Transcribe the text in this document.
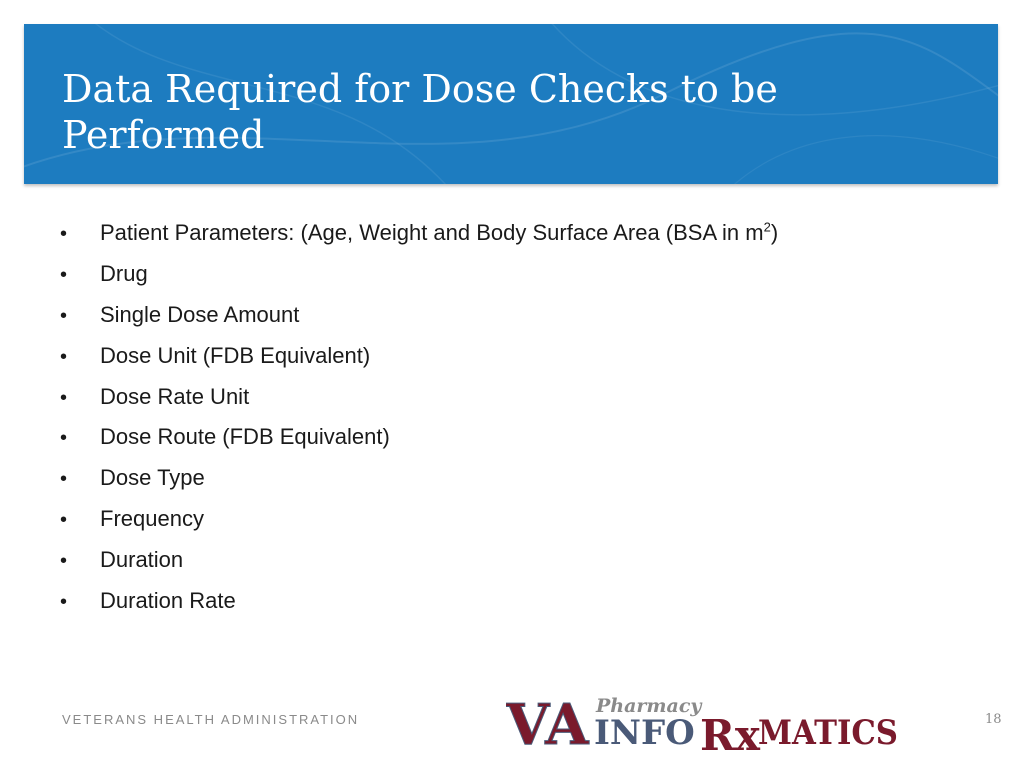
Data Required for Dose Checks to be Performed
•	Patient Parameters: (Age, Weight and Body Surface Area (BSA in $m^2$)
•	Drug
•	Single Dose Amount
•	Dose Unit (FDB Equivalent)
•	Dose Rate Unit
•	Dose Route (FDB Equivalent)
•	Dose Type
•	Frequency
•	Duration
•	Duration Rate
VETERANS HEALTH ADMINISTRATION	VA Pharmacy
INFO Rx
MATICS	18
